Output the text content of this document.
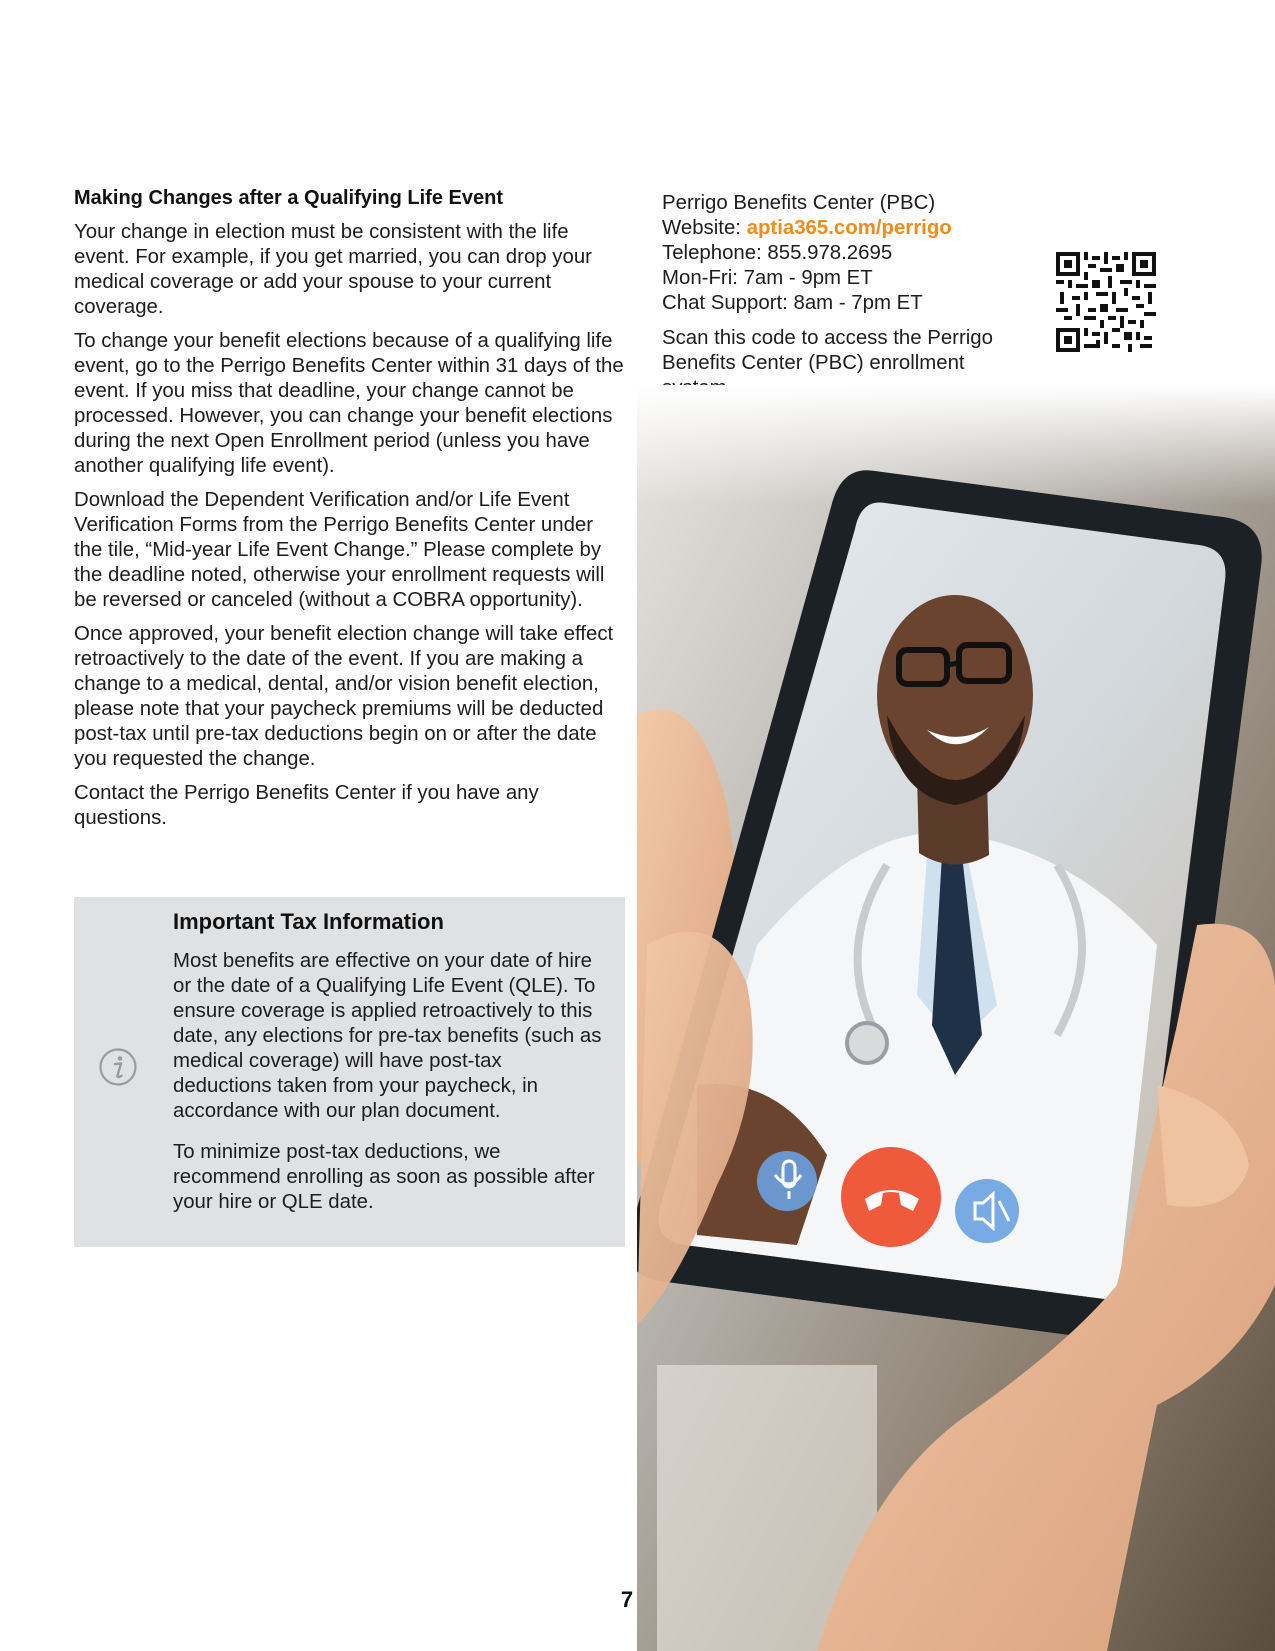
Making Changes after a Qualifying Life Event

Your change in election must be consistent with the life event. For example, if you get married, you can drop your medical coverage or add your spouse to your current coverage.

To change your benefit elections because of a qualifying life event, go to the Perrigo Benefits Center within 31 days of the event. If you miss that deadline, your change cannot be processed. However, you can change your benefit elections during the next Open Enrollment period (unless you have another qualifying life event).

Download the Dependent Verification and/or Life Event Verification Forms from the Perrigo Benefits Center under the tile, “Mid-year Life Event Change.” Please complete by the deadline noted, otherwise your enrollment requests will be reversed or canceled (without a COBRA opportunity).

Once approved, your benefit election change will take effect retroactively to the date of the event. If you are making a change to a medical, dental, and/or vision benefit election, please note that your paycheck premiums will be deducted post-tax until pre-tax deductions begin on or after the date you requested the change.

Contact the Perrigo Benefits Center if you have any questions.

Important Tax Information

Most benefits are effective on your date of hire or the date of a Qualifying Life Event (QLE). To ensure coverage is applied retroactively to this date, any elections for pre-tax benefits (such as medical coverage) will have post-tax deductions taken from your paycheck, in accordance with our plan document.

To minimize post-tax deductions, we recommend enrolling as soon as possible after your hire or QLE date.

Perrigo Benefits Center (PBC)

Website: aptia365.com/perrigo

Telephone: 855.978.2695

Mon-Fri: 7am - 9pm ET

Chat Support: 8am - 7pm ET

Scan this code to access the Perrigo Benefits Center (PBC) enrollment

7
